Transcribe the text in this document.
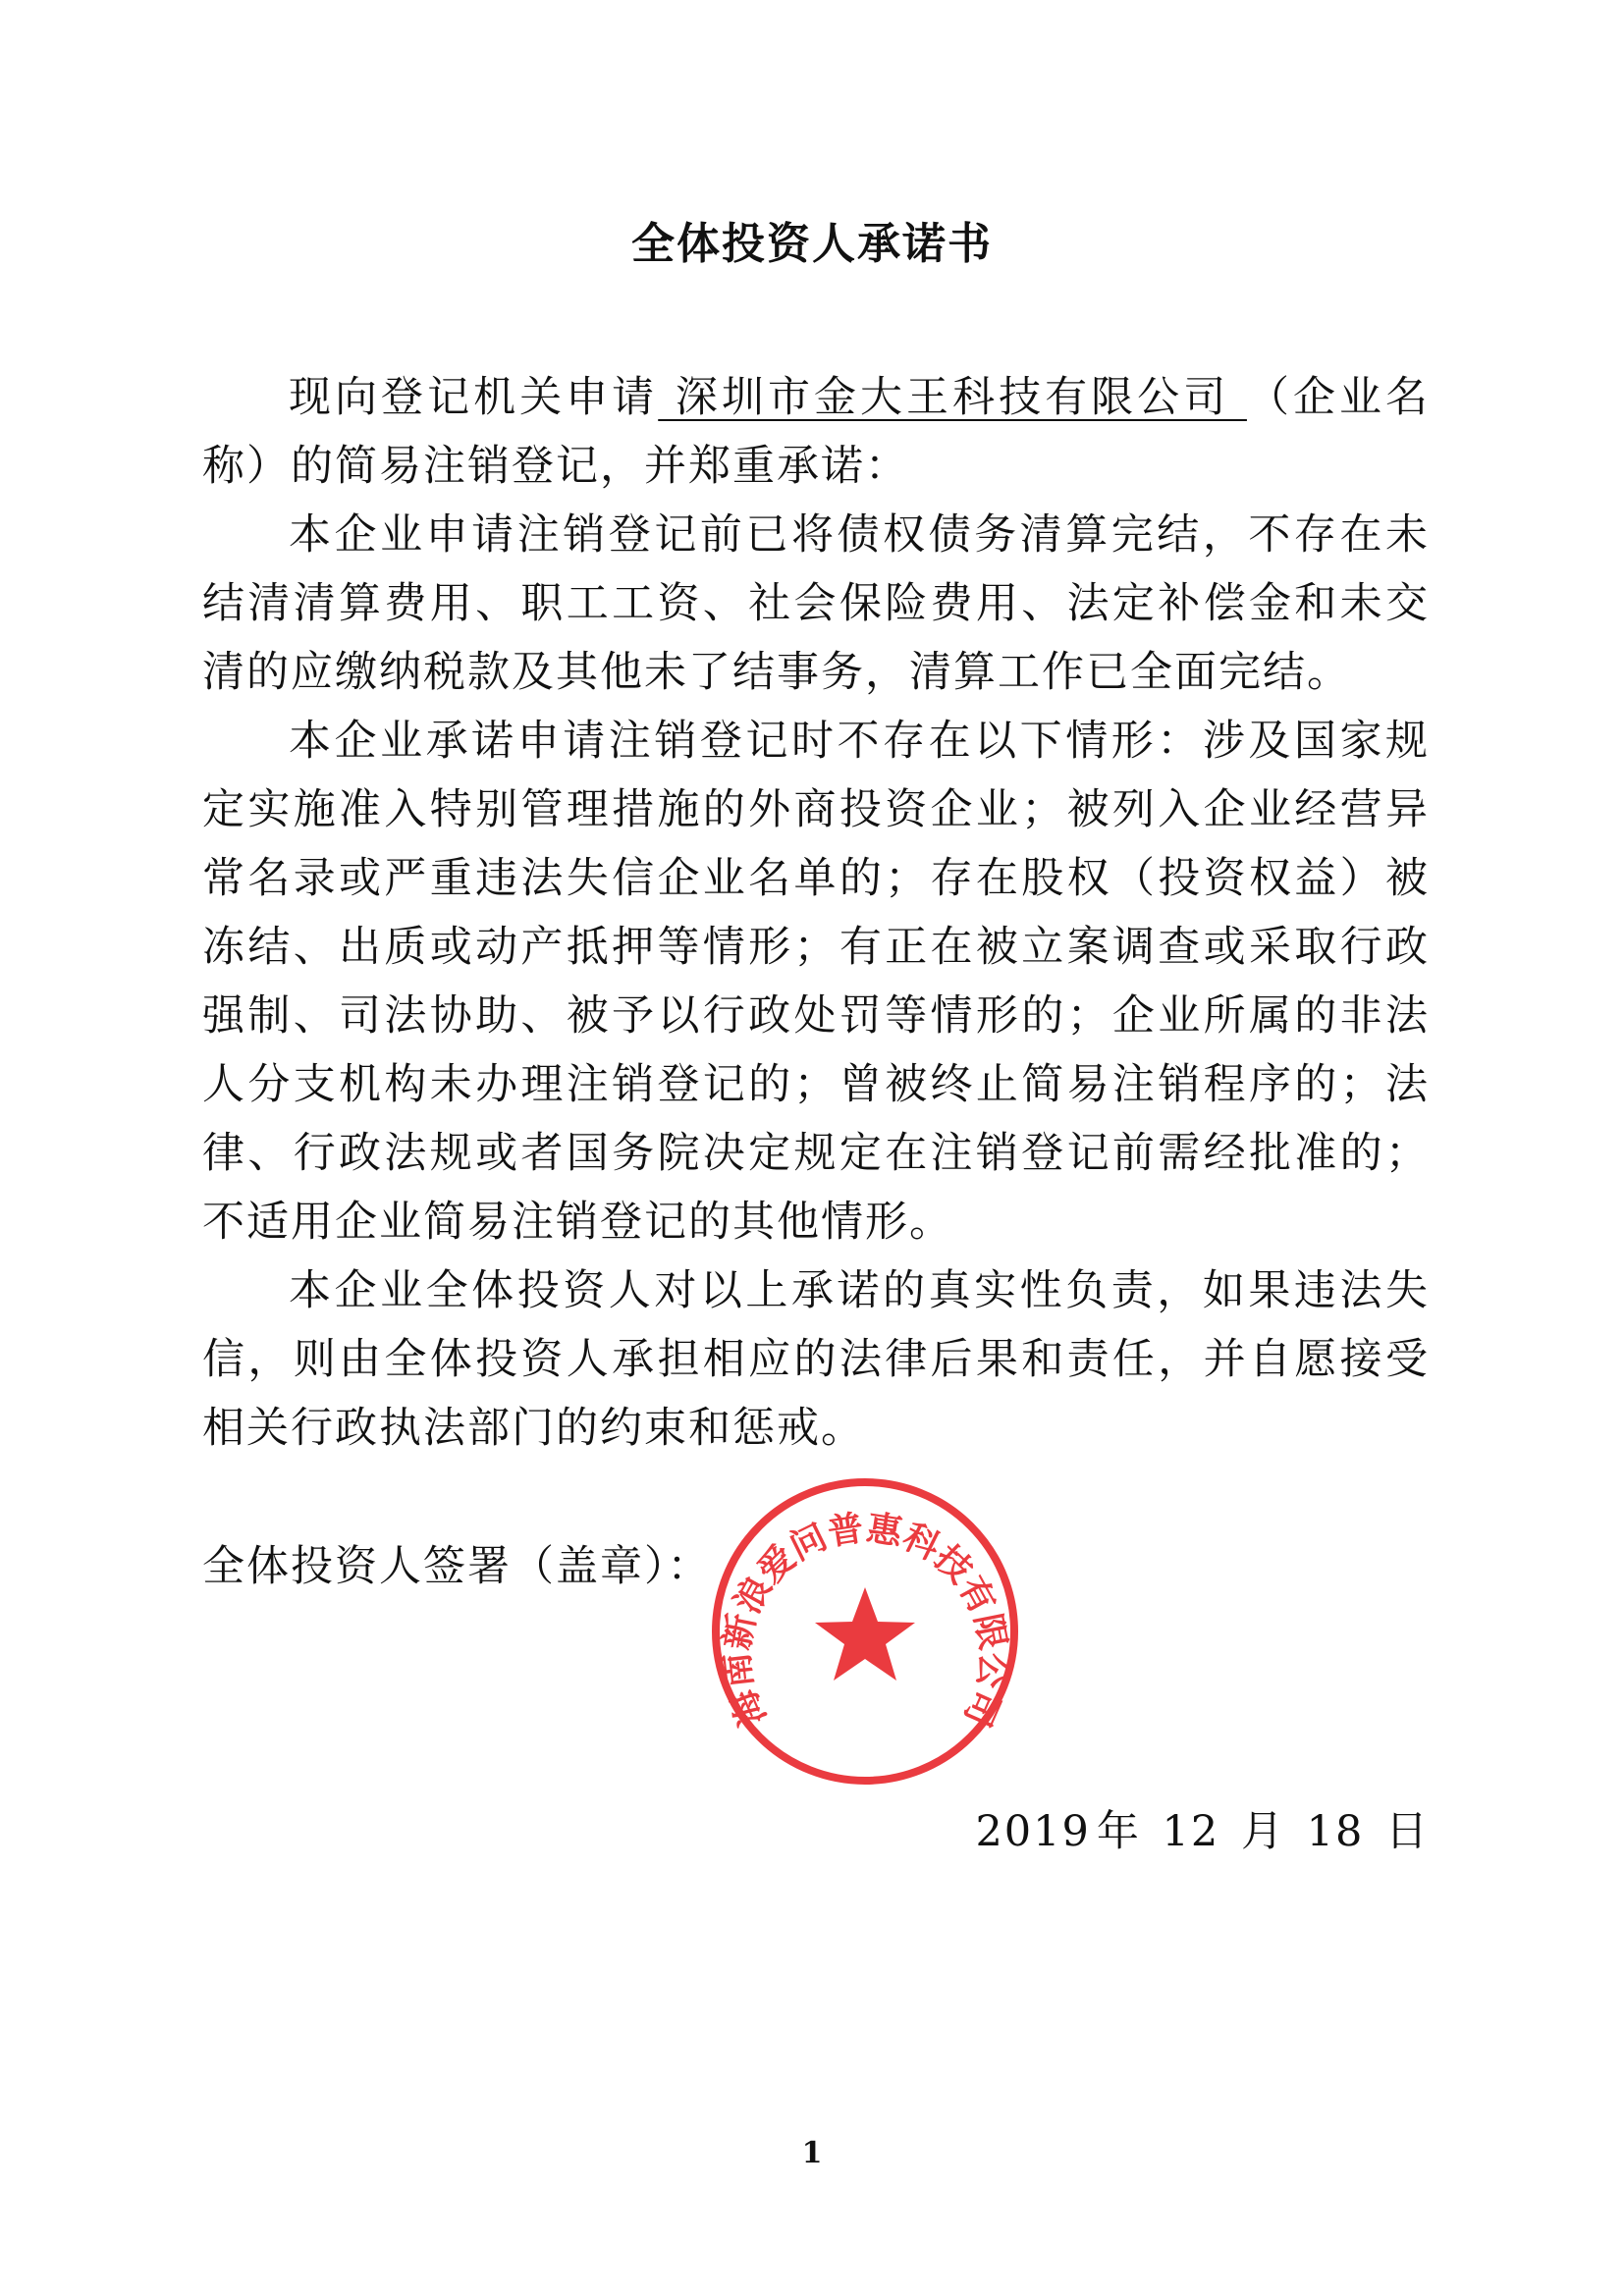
全体投资人承诺书

现向登记机关申请 深圳市金大王科技有限公司 （企业名称）的简易注销登记，并郑重承诺：

本企业申请注销登记前已将债权债务清算完结，不存在未结清清算费用、职工工资、社会保险费用、法定补偿金和未交清的应缴纳税款及其他未了结事务，清算工作已全面完结。

本企业承诺申请注销登记时不存在以下情形：涉及国家规定实施准入特别管理措施的外商投资企业；被列入企业经营异常名录或严重违法失信企业名单的；存在股权（投资权益）被冻结、出质或动产抵押等情形；有正在被立案调查或采取行政强制、司法协助、被予以行政处罚等情形的；企业所属的非法人分支机构未办理注销登记的；曾被终止简易注销程序的；法律、行政法规或者国务院决定规定在注销登记前需经批准的；不适用企业简易注销登记的其他情形。

本企业全体投资人对以上承诺的真实性负责，如果违法失信，则由全体投资人承担相应的法律后果和责任，并自愿接受相关行政执法部门的约束和惩戒。

全体投资人签署（盖章）：
海南新浪爱问普惠科技有限公司
2019 年 12 月 18 日
1
